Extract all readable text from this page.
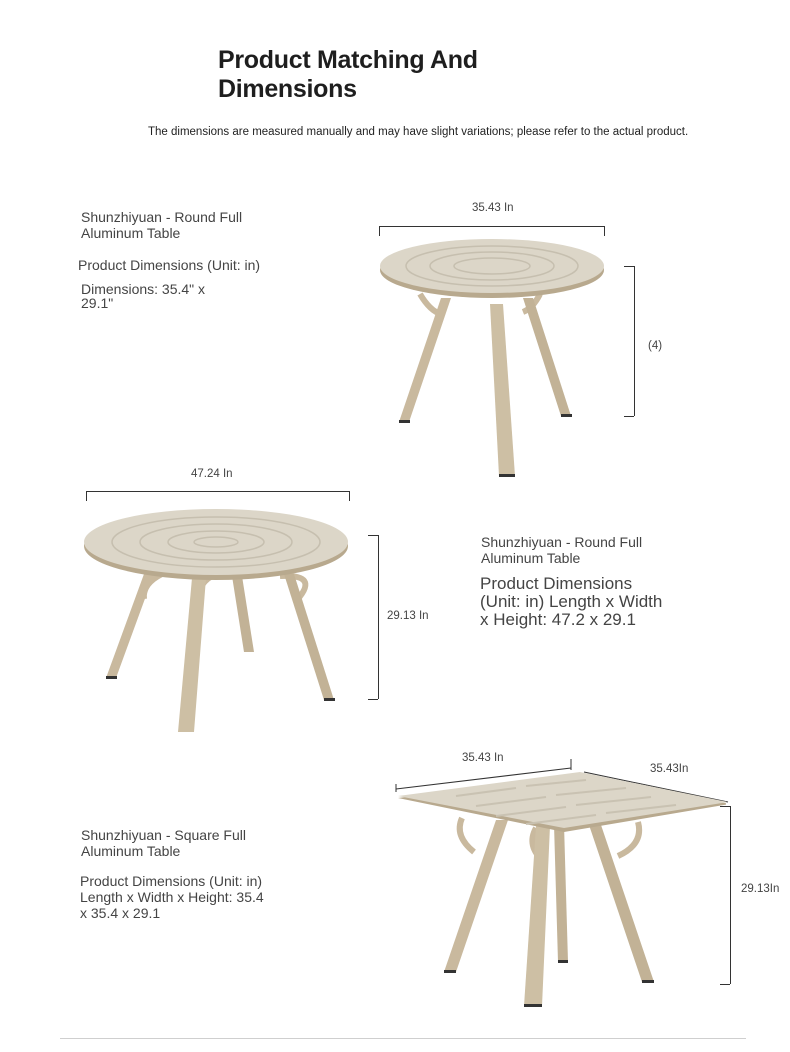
Product Matching And Dimensions
The dimensions are measured manually and may have slight variations; please refer to the actual product.
Shunzhiyuan - Round Full Aluminum Table
Product Dimensions (Unit: in)
Dimensions: 35.4" x 29.1"
35.43 In
(4)
47.24 In
29.13 In
Shunzhiyuan - Round Full Aluminum Table
Product Dimensions (Unit: in) Length x Width x Height: 47.2 x 29.1
35.43 In
35.43In
29.13In
Shunzhiyuan - Square Full Aluminum Table
Product Dimensions (Unit: in) Length x Width x Height: 35.4 x 35.4 x 29.1
